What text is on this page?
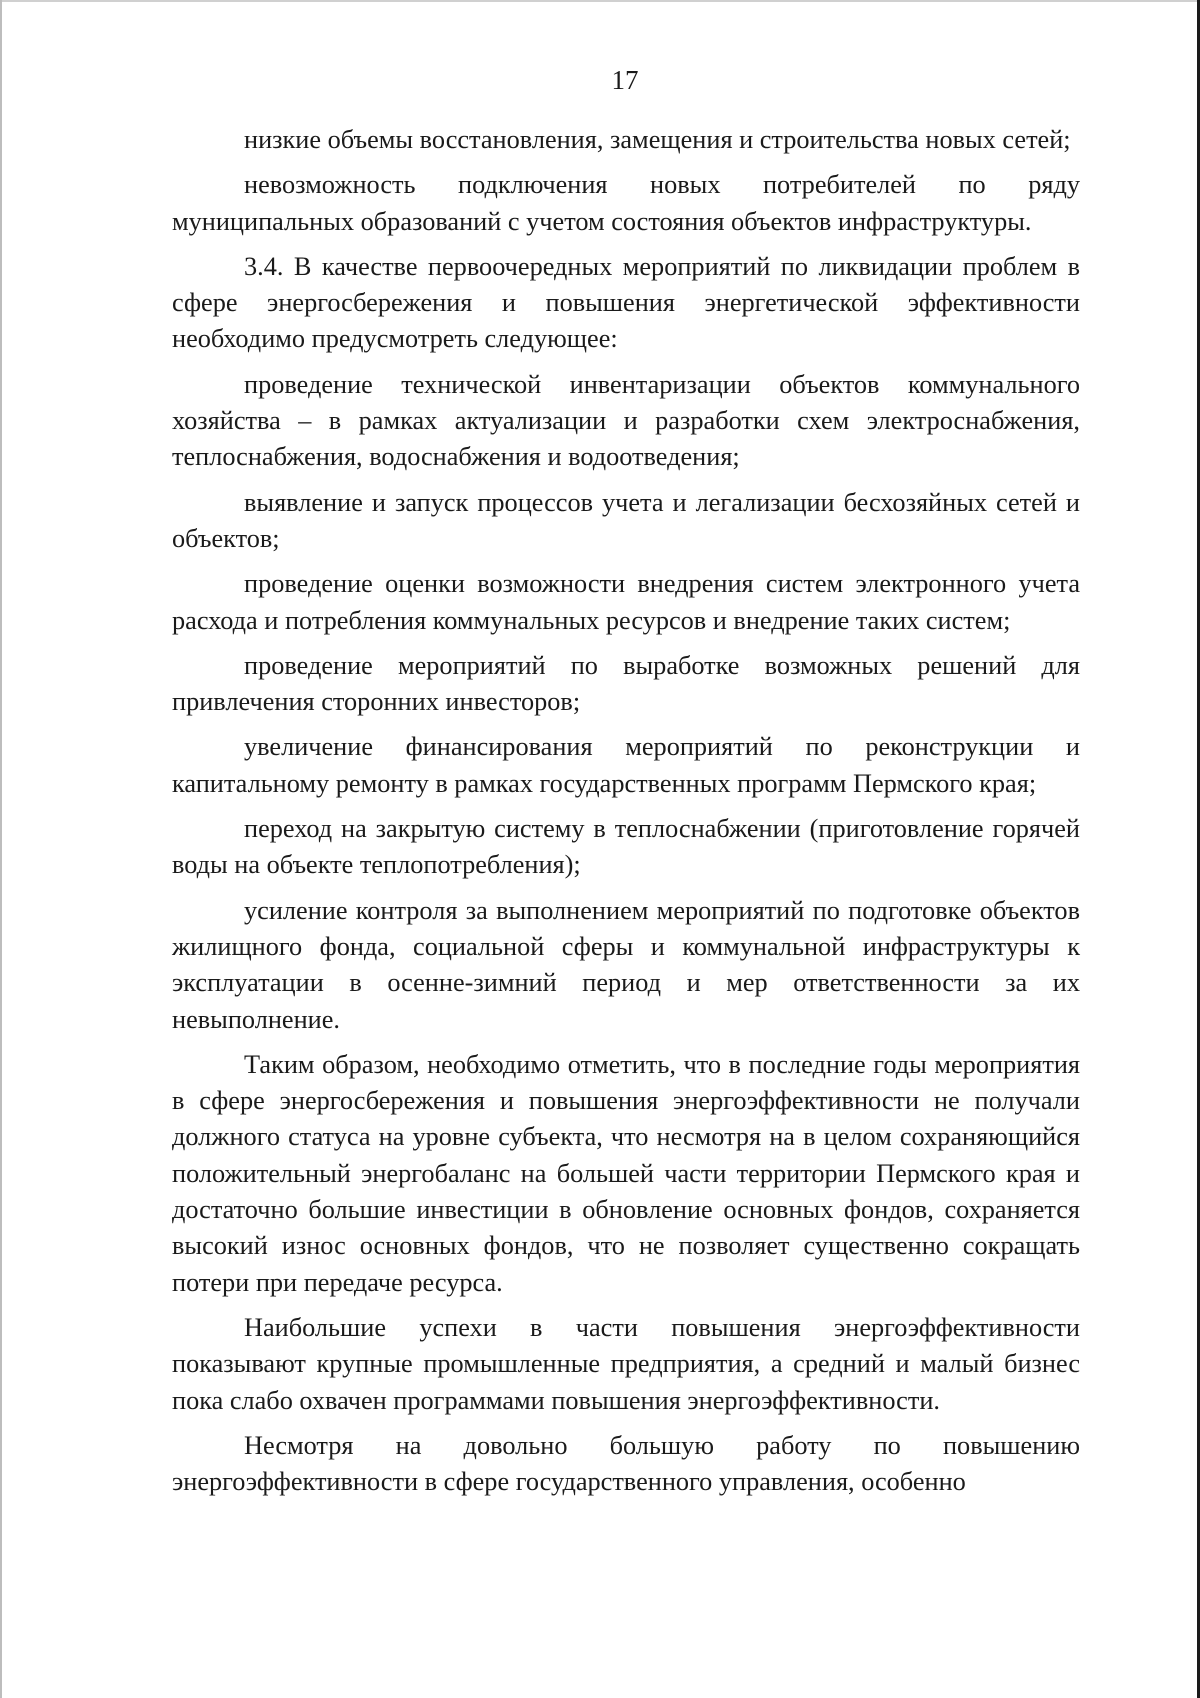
17

низкие объемы восстановления, замещения и строительства новых сетей;

невозможность подключения новых потребителей по ряду муниципальных образований с учетом состояния объектов инфраструктуры.

3.4. В качестве первоочередных мероприятий по ликвидации проблем в сфере энергосбережения и повышения энергетической эффективности необходимо предусмотреть следующее:

проведение технической инвентаризации объектов коммунального хозяйства – в рамках актуализации и разработки схем электроснабжения, теплоснабжения, водоснабжения и водоотведения;

выявление и запуск процессов учета и легализации бесхозяйных сетей и объектов;

проведение оценки возможности внедрения систем электронного учета расхода и потребления коммунальных ресурсов и внедрение таких систем;

проведение мероприятий по выработке возможных решений для привлечения сторонних инвесторов;

увеличение финансирования мероприятий по реконструкции и капитальному ремонту в рамках государственных программ Пермского края;

переход на закрытую систему в теплоснабжении (приготовление горячей воды на объекте теплопотребления);

усиление контроля за выполнением мероприятий по подготовке объектов жилищного фонда, социальной сферы и коммунальной инфраструктуры к эксплуатации в осенне-зимний период и мер ответственности за их невыполнение.

Таким образом, необходимо отметить, что в последние годы мероприятия в сфере энергосбережения и повышения энергоэффективности не получали должного статуса на уровне субъекта, что несмотря на в целом сохраняющийся положительный энергобаланс на большей части территории Пермского края и достаточно большие инвестиции в обновление основных фондов, сохраняется высокий износ основных фондов, что не позволяет существенно сокращать потери при передаче ресурса.

Наибольшие успехи в части повышения энергоэффективности показывают крупные промышленные предприятия, а средний и малый бизнес пока слабо охвачен программами повышения энергоэффективности.

Несмотря на довольно большую работу по повышению энергоэффективности в сфере государственного управления, особенно
